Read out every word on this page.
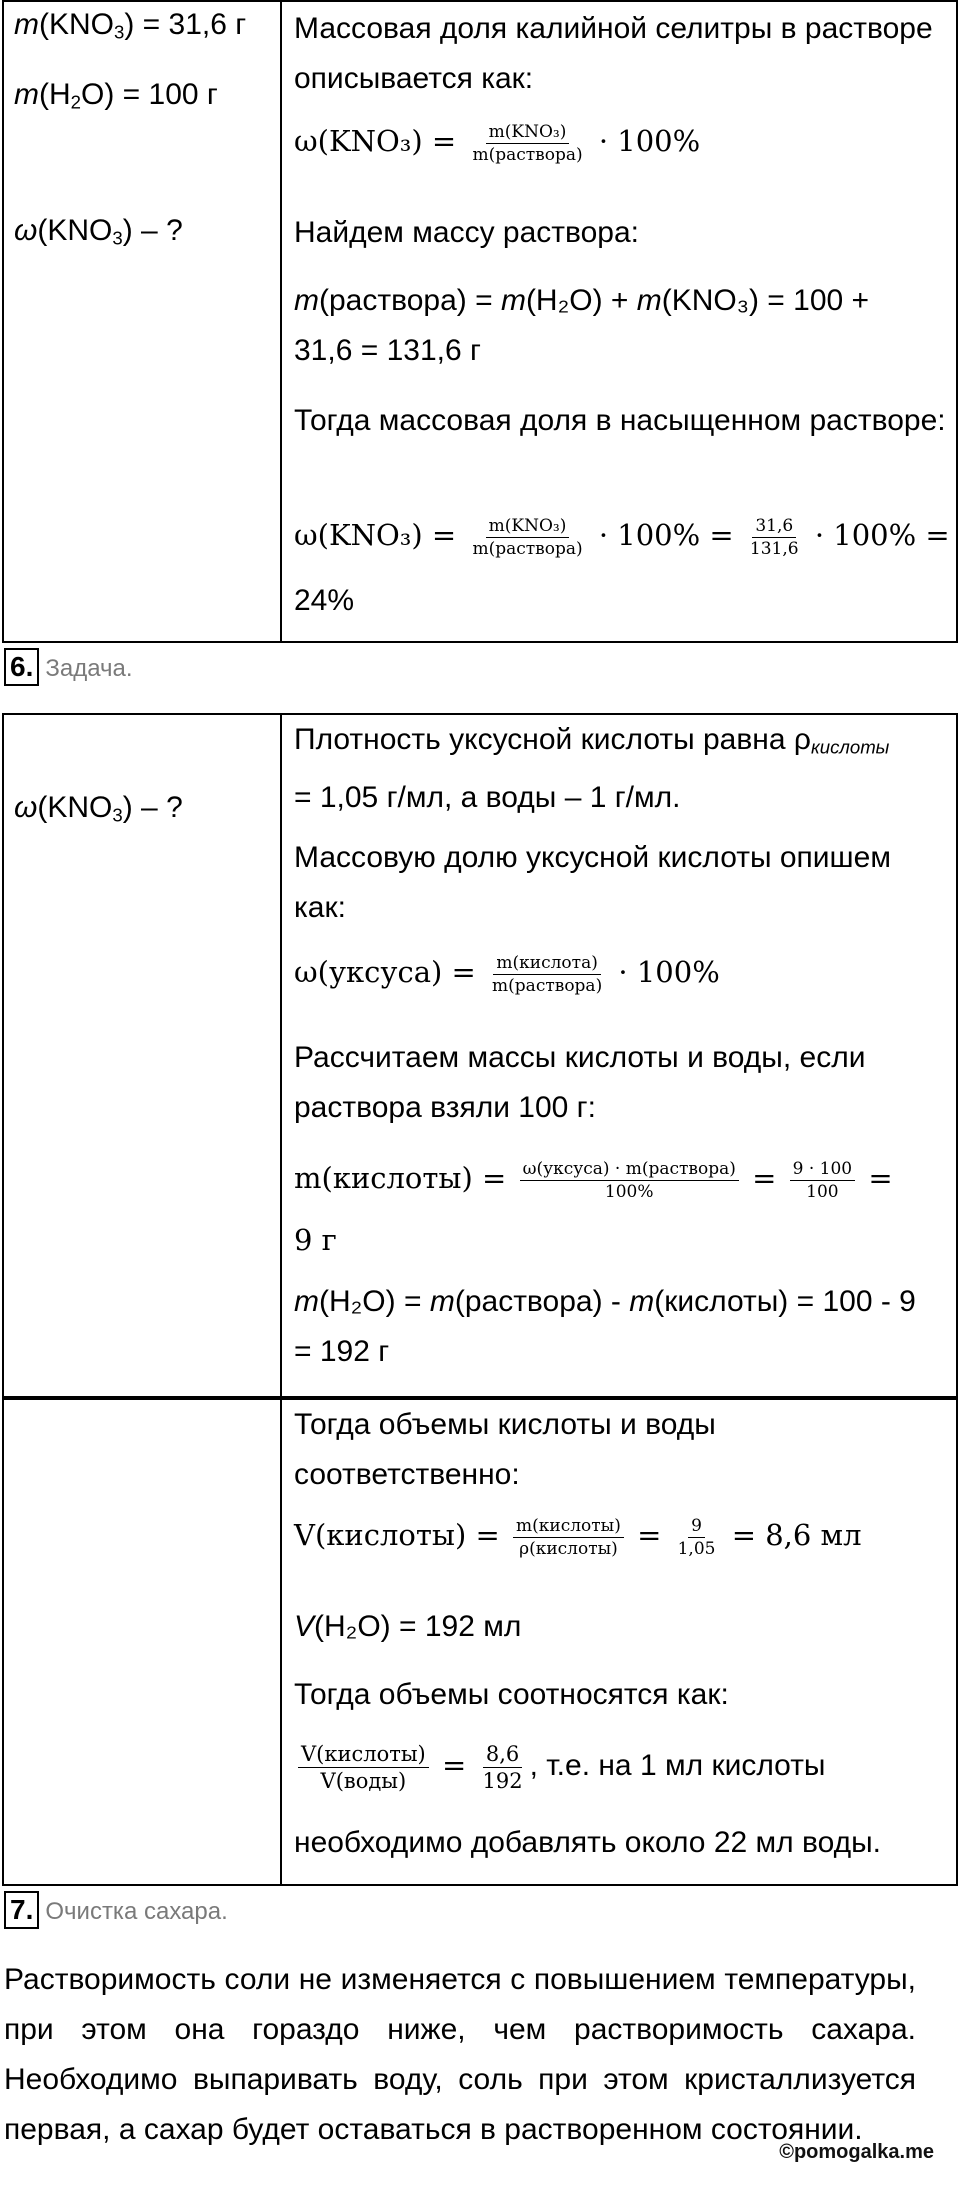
$m(KNO_3) = 31,6$ г
$m(H_2O) = 100$ г
$\omega(KNO_3)$ – ?
Массовая доля калийной селитры в растворе описывается как:
$\omega(KNO_3) = \frac{\text{m(KNO₃)}}{\text{m(раствора)}} \cdot 100\%$
Найдем массу раствора:
m(раствора) = m(H₂O) + m(KNO₃) = 100 +
31,6 = 131,6 г
Тогда массовая доля в насыщенном растворе:
$\omega(KNO_3) = \frac{\text{m(KNO₃)}}{\text{m(раствора)}} \cdot 100\% = \frac{31,6}{131,6} \cdot 100\%$ =
24%
6. Задача.
$\omega(KNO_3)$ – ?
Плотность уксусной кислоты равна $\rho_{кислоты}$
= 1,05 г/мл, а воды – 1 г/мл.
Массовую долю уксусной кислоты опишем как:
ω(уксуса) = $\frac{\text{m(кислота)}}{\text{m(раствора)}} \cdot 100\%$
Рассчитаем массы кислоты и воды, если раствора взяли 100 г:
m(кислоты) = $\frac{\text{ω(уксуса) · m(раствора)}}{100\%} = \frac{9 \cdot 100}{100}$ =
9 г
m(H₂O) = m(раствора) - m(кислоты) = 100 - 9
= 192 г
Тогда объемы кислоты и воды соответственно:
V(кислоты) = $\frac{\text{m(кислоты)}}{\text{ρ(кислоты)}} = \frac{9}{1,05} = 8,6$ мл
V(H₂O) = 192 мл
Тогда объемы соотносятся как:
$\frac{\text{V(кислоты)}}{\text{V(воды)}} = \frac{8,6}{192}$ , т.е. на 1 мл кислоты
необходимо добавлять около 22 мл воды.
7. Очистка сахара.
Растворимость соли не изменяется с повышением температуры, при этом она гораздо ниже, чем растворимость сахара. Необходимо выпаривать воду, соль при этом кристаллизуется первая, а сахар будет оставаться в растворенном состоянии.
©pomogalka.me
